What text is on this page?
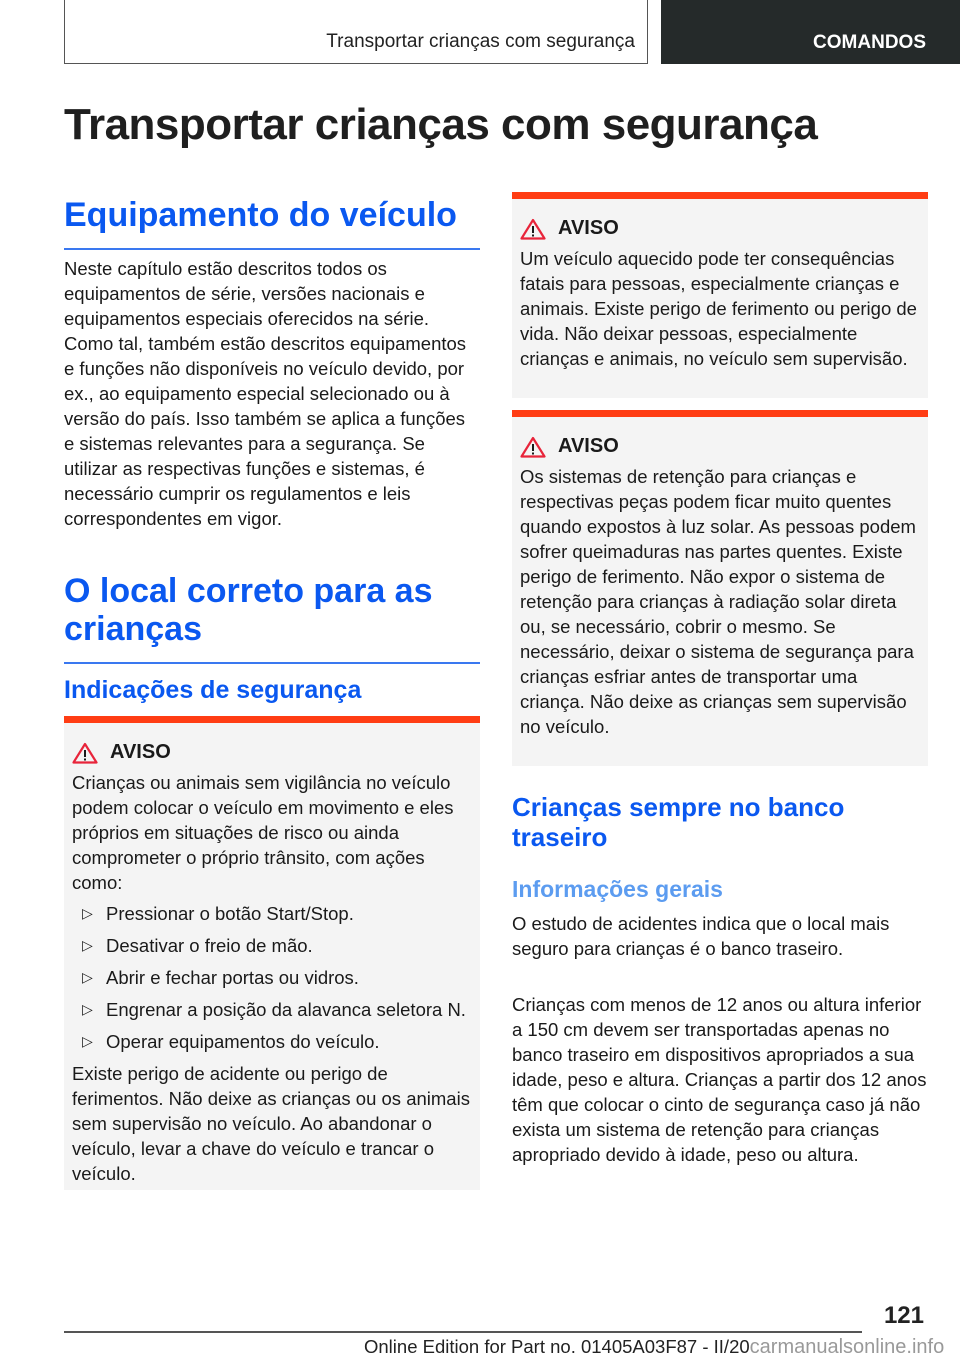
Transportar crianças com segurança	COMANDOS
Transportar crianças com segurança
Equipamento do veículo

Neste capítulo estão descritos todos os equipamentos de série, versões nacionais e equipamentos especiais oferecidos na série. Como tal, também estão descritos equipamentos e funções não disponíveis no veículo devido, por ex., ao equipamento especial selecionado ou à versão do país. Isso também se aplica a funções e sistemas relevantes para a segurança. Se utilizar as respectivas funções e sistemas, é necessário cumprir os regulamentos e leis correspondentes em vigor.

O local correto para as crianças
Indicações de segurança
AVISO

Crianças ou animais sem vigilância no veículo podem colocar o veículo em movimento e eles próprios em situações de risco ou ainda comprometer o próprio trânsito, com ações como:

▷ Pressionar o botão Start/Stop.
▷ Desativar o freio de mão.
▷ Abrir e fechar portas ou vidros.
▷ Engrenar a posição da alavanca seletora N.
▷ Operar equipamentos do veículo.

Existe perigo de acidente ou perigo de ferimentos. Não deixe as crianças ou os animais sem supervisão no veículo. Ao abandonar o veículo, levar a chave do veículo e trancar o veículo.

AVISO

Um veículo aquecido pode ter consequências fatais para pessoas, especialmente crianças e animais. Existe perigo de ferimento ou perigo de vida. Não deixar pessoas, especialmente crianças e animais, no veículo sem supervisão.

AVISO

Os sistemas de retenção para crianças e respectivas peças podem ficar muito quentes quando expostos à luz solar. As pessoas podem sofrer queimaduras nas partes quentes. Existe perigo de ferimento. Não expor o sistema de retenção para crianças à radiação solar direta ou, se necessário, cobrir o mesmo. Se necessário, deixar o sistema de segurança para crianças esfriar antes de transportar uma criança. Não deixe as crianças sem supervisão no veículo.

Crianças sempre no banco traseiro
Informações gerais

O estudo de acidentes indica que o local mais seguro para crianças é o banco traseiro.

Crianças com menos de 12 anos ou altura inferior a 150 cm devem ser transportadas apenas no banco traseiro em dispositivos apropriados a sua idade, peso e altura. Crianças a partir dos 12 anos têm que colocar o cinto de segurança caso já não exista um sistema de retenção para crianças apropriado devido à idade, peso ou altura.

121
Online Edition for Part no. 01405A03F87 - II/20carmanualsonline.info
